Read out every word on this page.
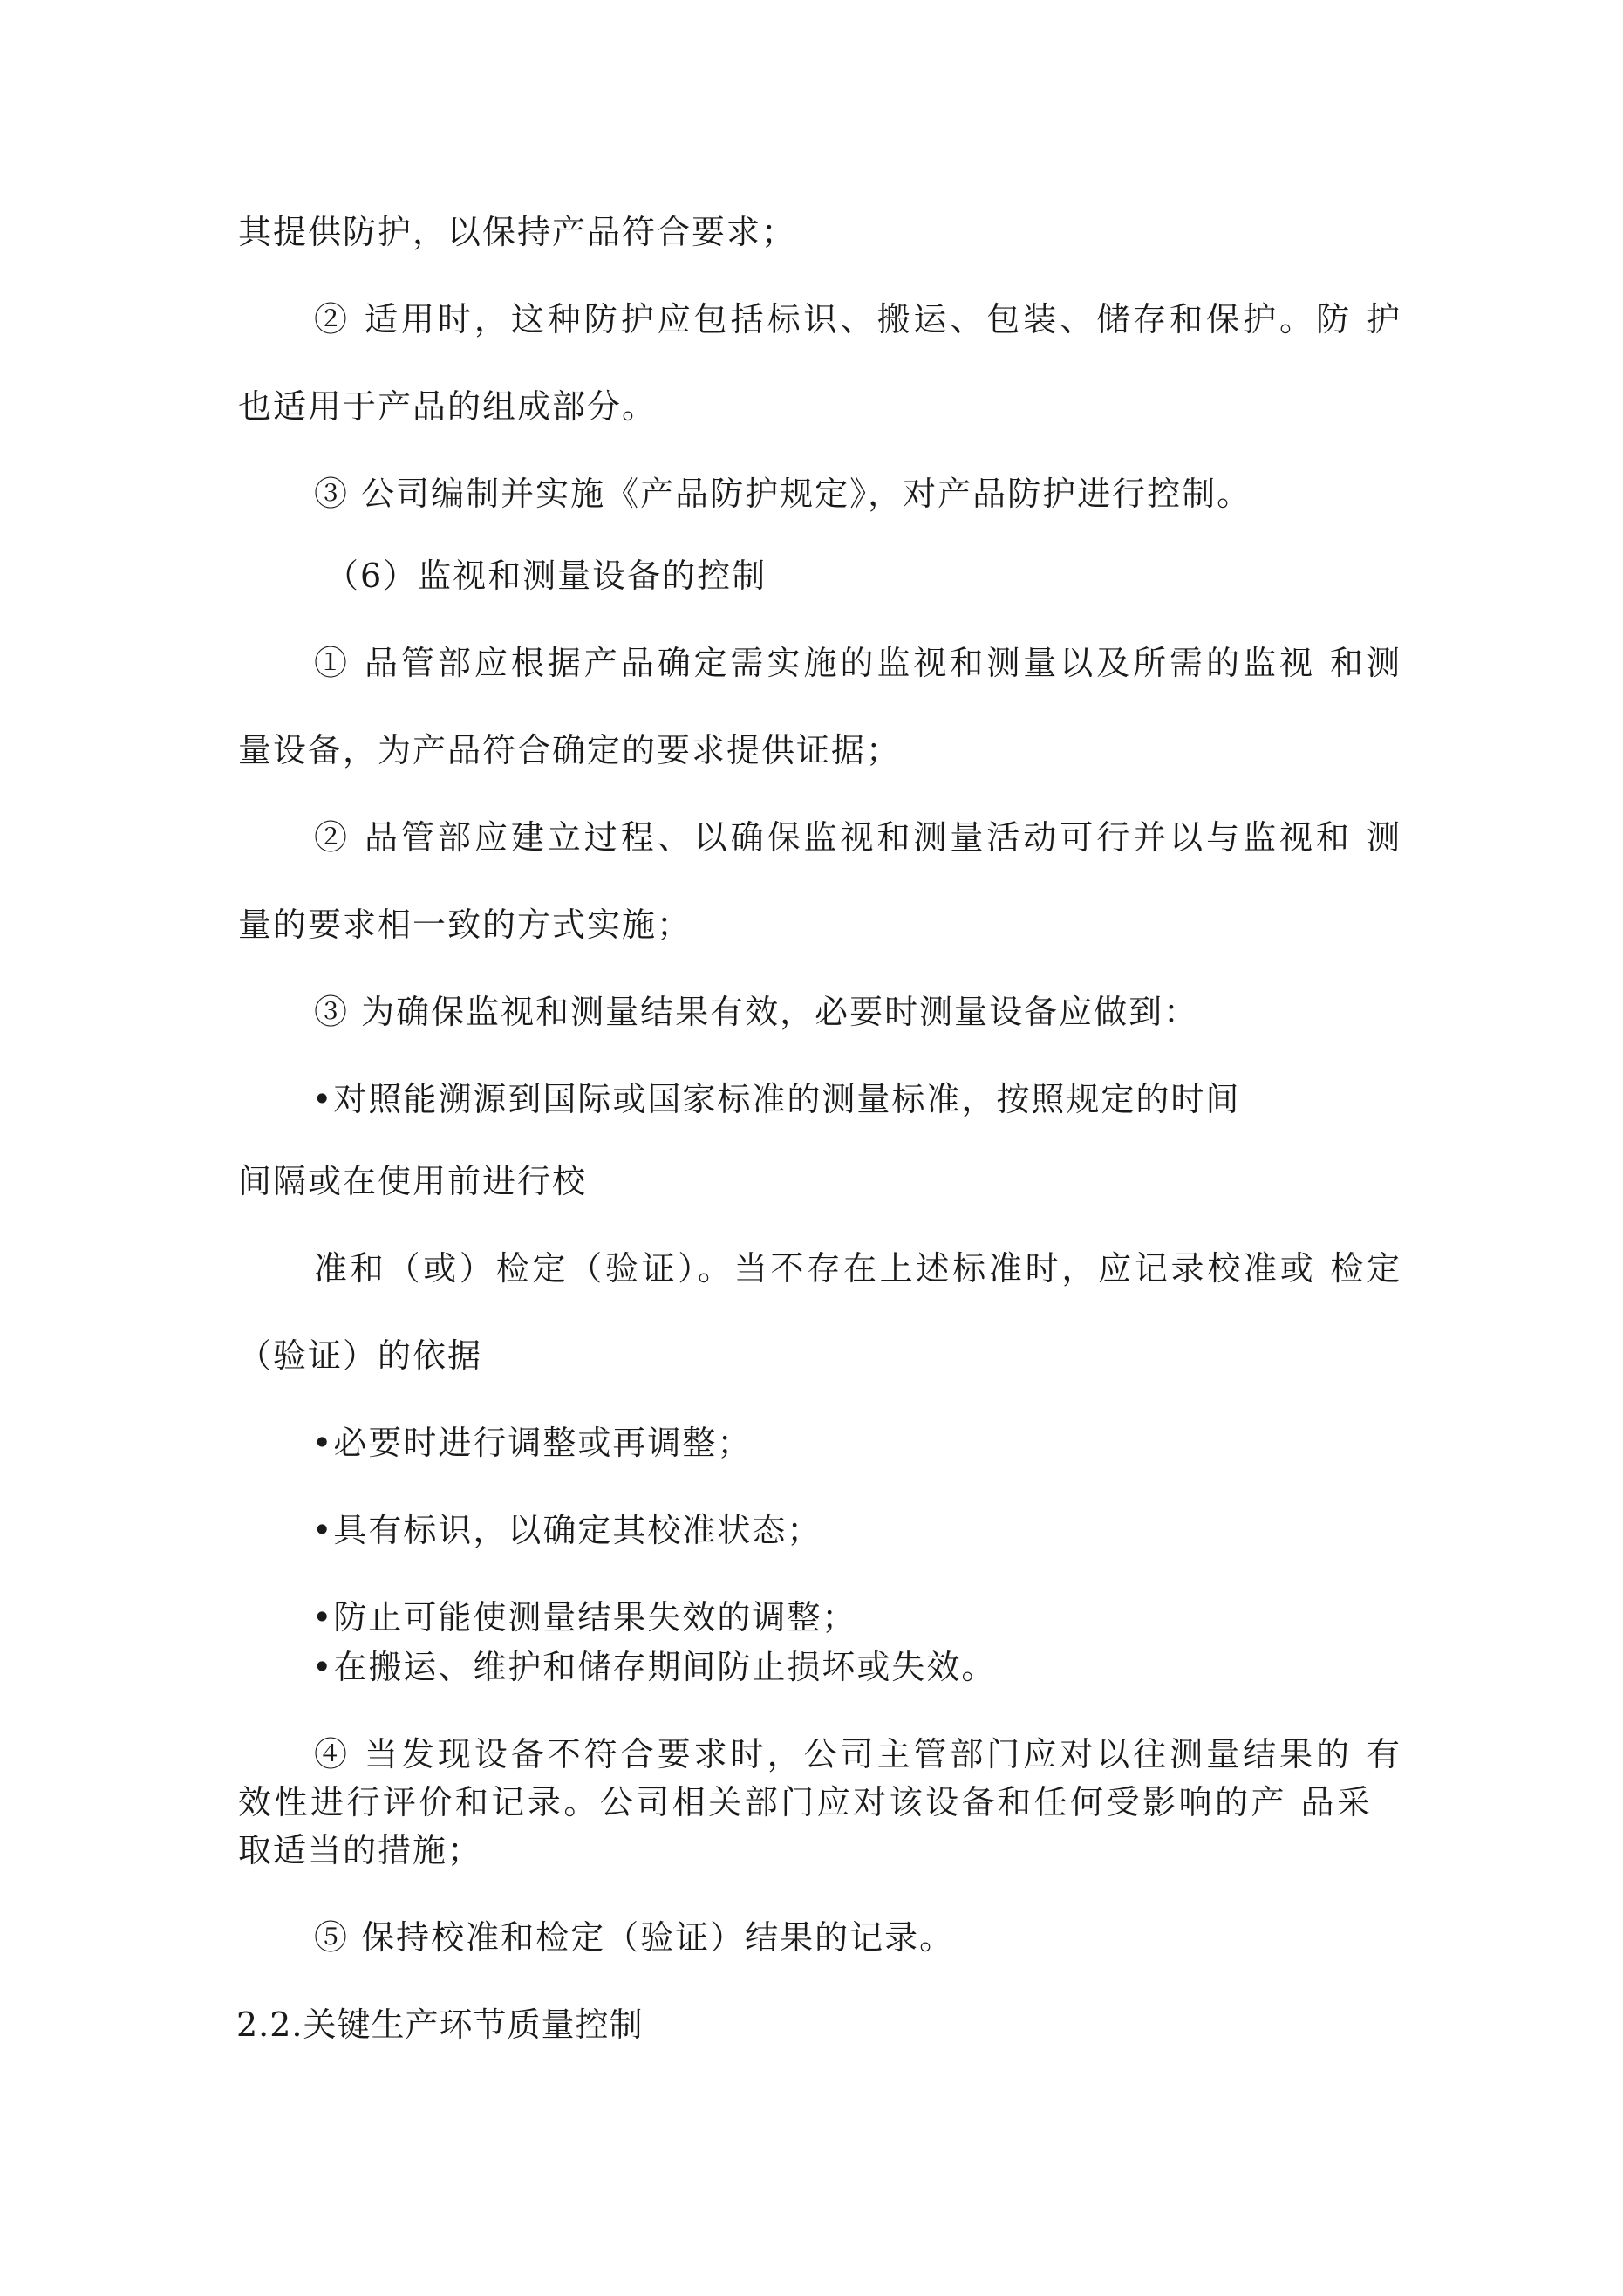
其提供防护，以保持产品符合要求；
② 适用时，这种防护应包括标识、搬运、包装、储存和保护。防 护
也适用于产品的组成部分。
③ 公司编制并实施《产品防护规定》，对产品防护进行控制。
（6）监视和测量设备的控制
① 品管部应根据产品确定需实施的监视和测量以及所需的监视 和测
量设备，为产品符合确定的要求提供证据；
② 品管部应建立过程、以确保监视和测量活动可行并以与监视和 测
量的要求相一致的方式实施；
③ 为确保监视和测量结果有效，必要时测量设备应做到：
•对照能溯源到国际或国家标准的测量标准，按照规定的时间
间隔或在使用前进行校
准和（或）检定（验证）。当不存在上述标准时，应记录校准或 检定
（验证）的依据
•必要时进行调整或再调整；
•具有标识，以确定其校准状态；
•防止可能使测量结果失效的调整；
•在搬运、维护和储存期间防止损坏或失效。
④ 当发现设备不符合要求时，公司主管部门应对以往测量结果的 有
效性进行评价和记录。公司相关部门应对该设备和任何受影响的产 品采
取适当的措施；
⑤ 保持校准和检定（验证）结果的记录。
2.2.关键生产环节质量控制
